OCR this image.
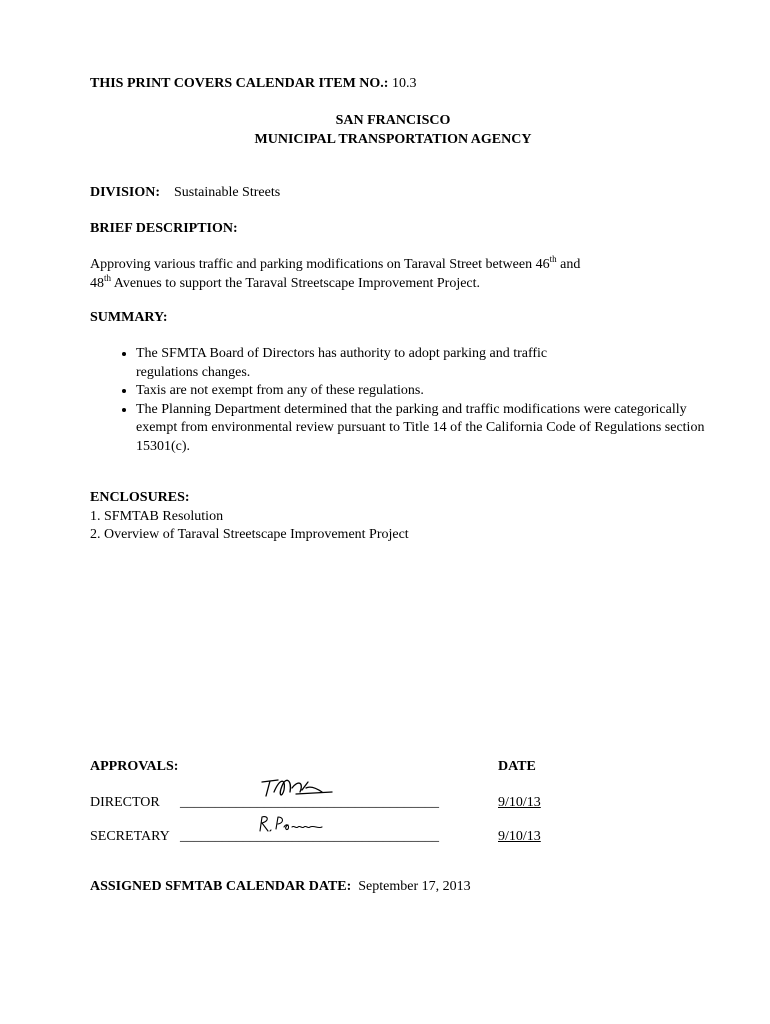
THIS PRINT COVERS CALENDAR ITEM NO.: 10.3
SAN FRANCISCO
MUNICIPAL TRANSPORTATION AGENCY
DIVISION: Sustainable Streets
BRIEF DESCRIPTION:
Approving various traffic and parking modifications on Taraval Street between 46th and
48th Avenues to support the Taraval Streetscape Improvement Project.
SUMMARY:
• The SFMTA Board of Directors has authority to adopt parking and traffic regulations changes.
• Taxis are not exempt from any of these regulations.
• The Planning Department determined that the parking and traffic modifications were categorically exempt from environmental review pursuant to Title 14 of the California Code of Regulations section 15301(c).
ENCLOSURES:
1. SFMTAB Resolution
2. Overview of Taraval Streetscape Improvement Project
APPROVALS:	DATE
DIRECTOR _____________________________________	9/10/13
SECRETARY _____________________________________	9/10/13
ASSIGNED SFMTAB CALENDAR DATE: September 17, 2013
